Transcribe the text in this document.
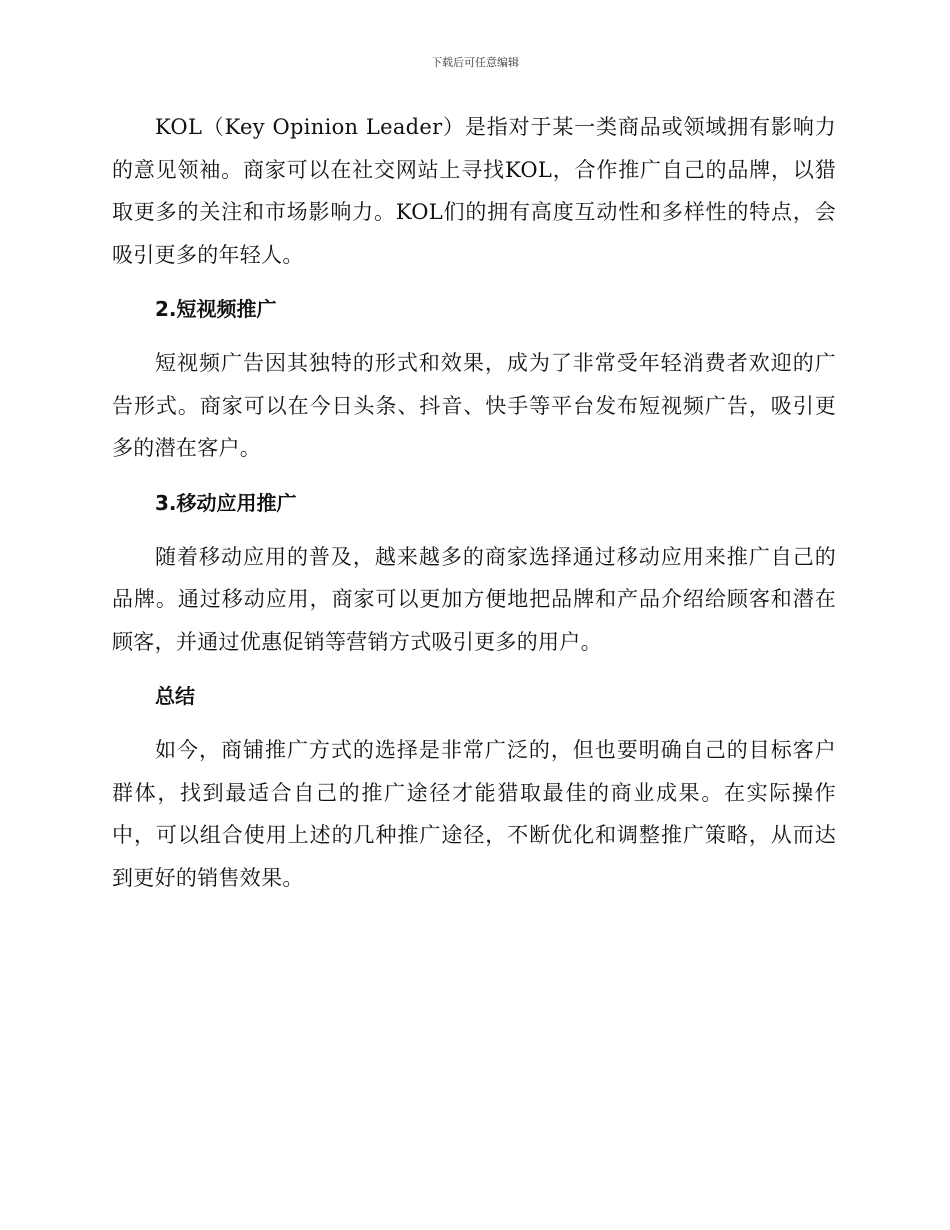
下载后可任意编辑

KOL（Key Opinion Leader）是指对于某一类商品或领域拥有影响力的意见领袖。商家可以在社交网站上寻找KOL，合作推广自己的品牌，以猎取更多的关注和市场影响力。KOL们的拥有高度互动性和多样性的特点，会吸引更多的年轻人。

2.短视频推广

短视频广告因其独特的形式和效果，成为了非常受年轻消费者欢迎的广告形式。商家可以在今日头条、抖音、快手等平台发布短视频广告，吸引更多的潜在客户。

3.移动应用推广

随着移动应用的普及，越来越多的商家选择通过移动应用来推广自己的品牌。通过移动应用，商家可以更加方便地把品牌和产品介绍给顾客和潜在顾客，并通过优惠促销等营销方式吸引更多的用户。

总结

如今，商铺推广方式的选择是非常广泛的，但也要明确自己的目标客户群体，找到最适合自己的推广途径才能猎取最佳的商业成果。在实际操作中，可以组合使用上述的几种推广途径，不断优化和调整推广策略，从而达到更好的销售效果。
